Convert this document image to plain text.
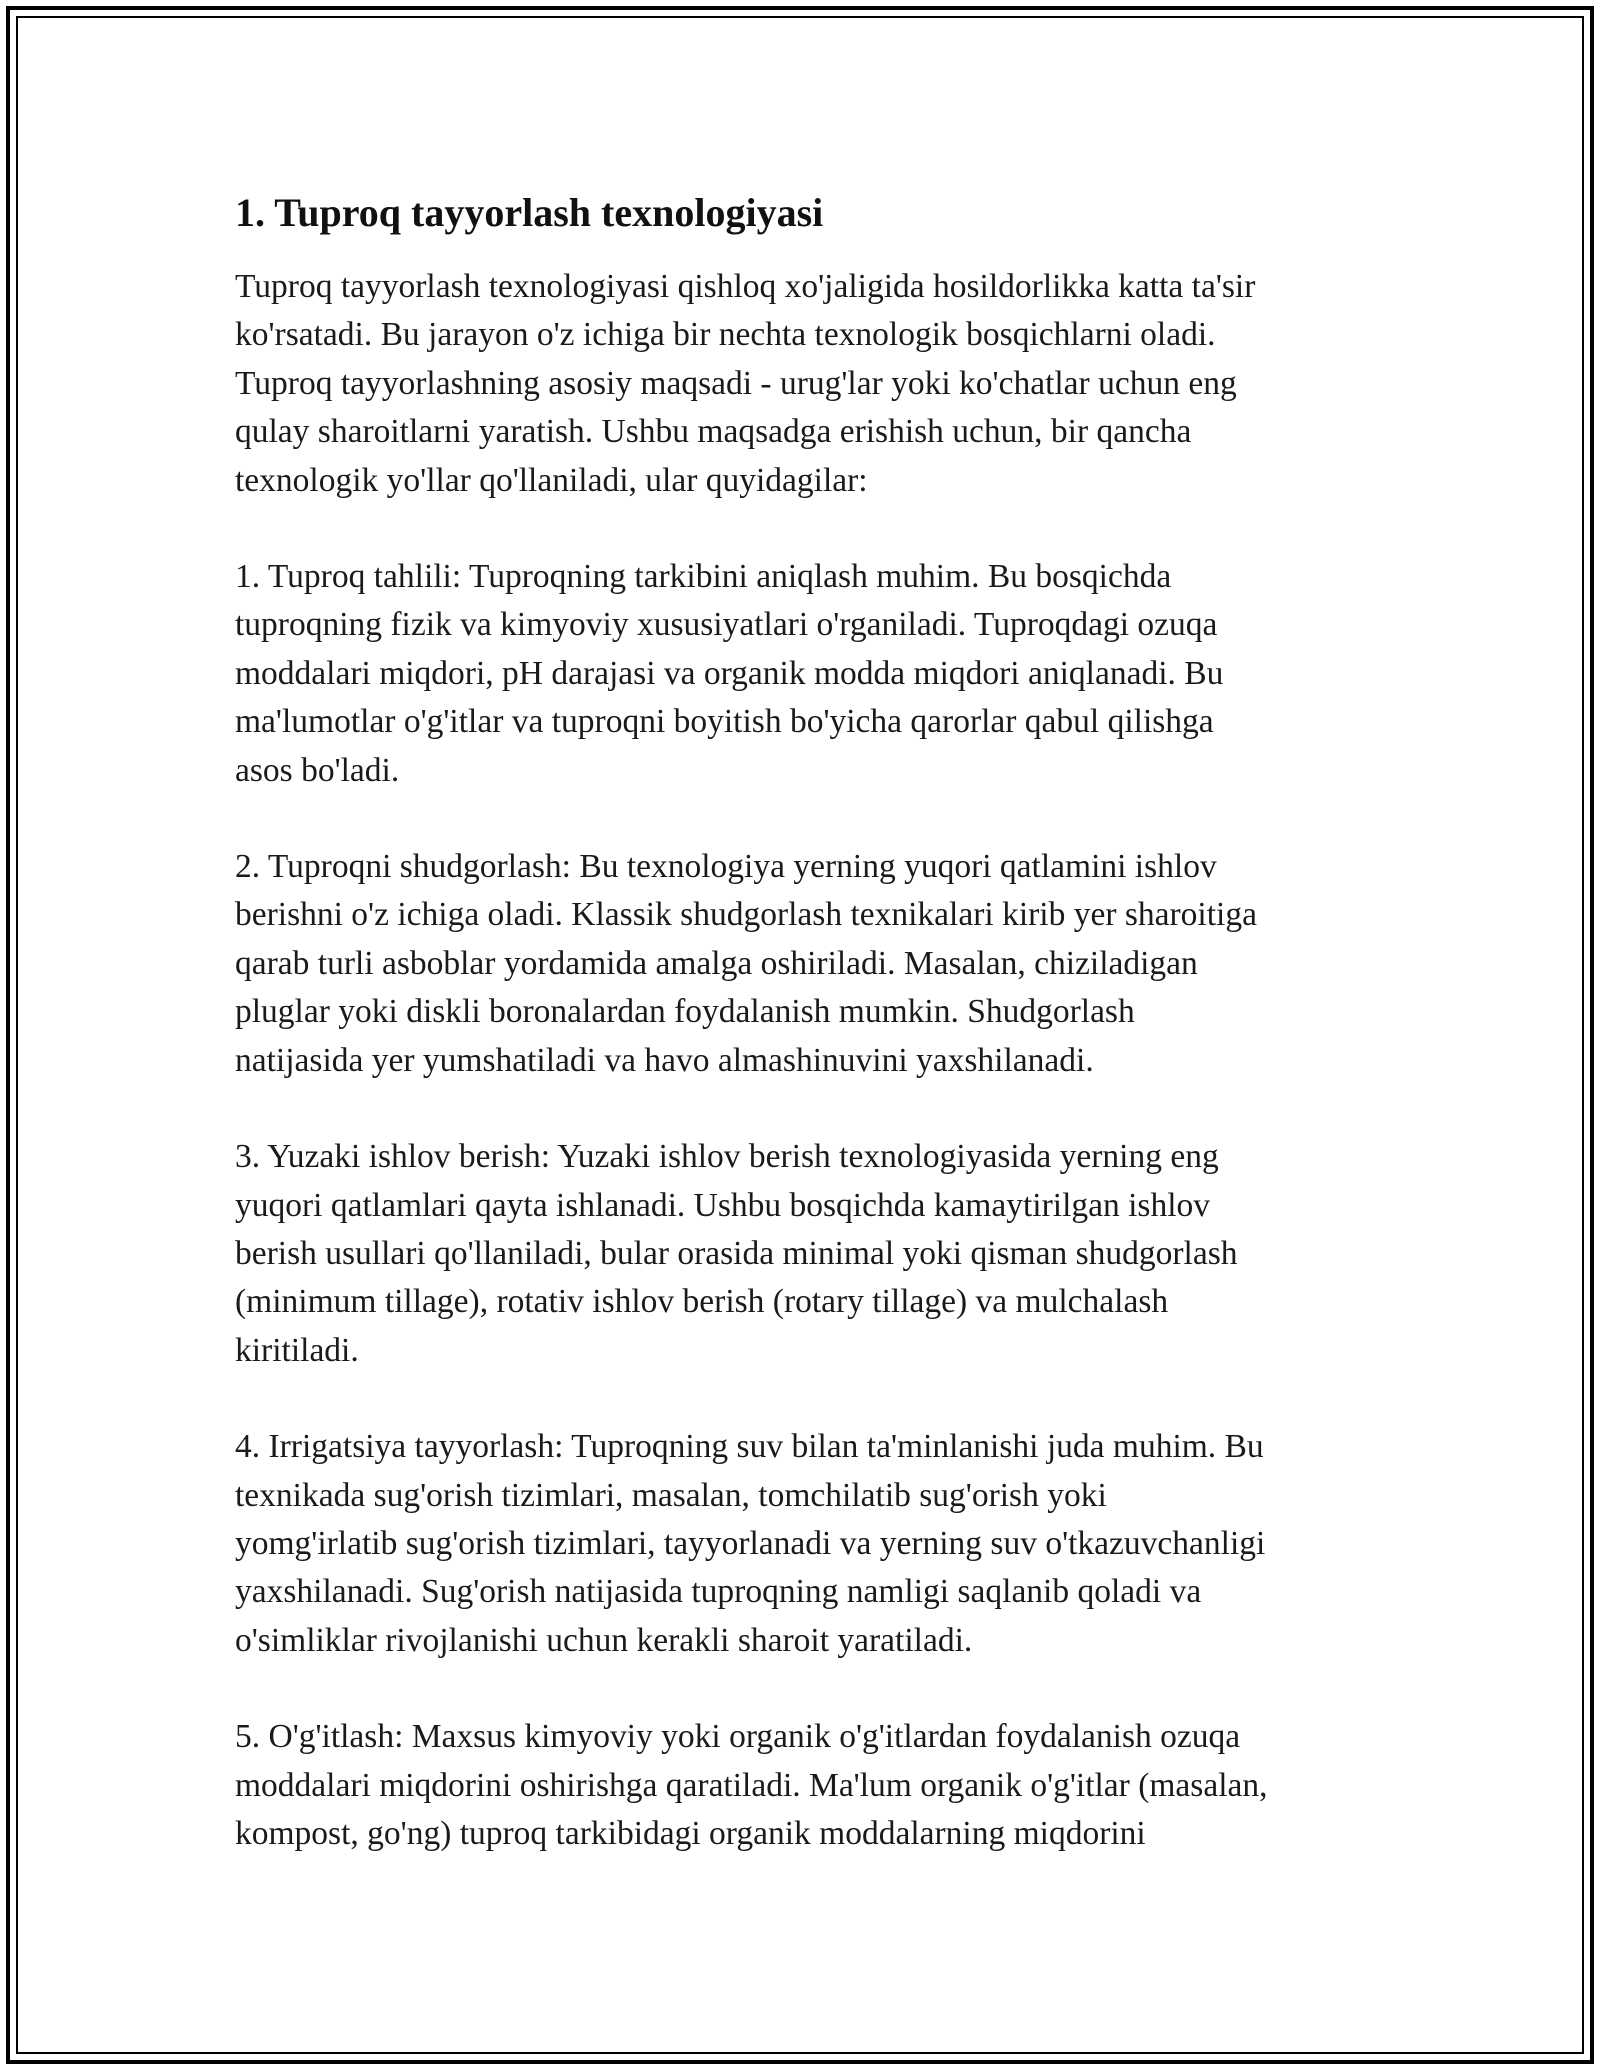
1. Tuproq tayyorlash texnologiyasi

Tuproq tayyorlash texnologiyasi qishloq xo'jaligida hosildorlikka katta ta'sir
ko'rsatadi. Bu jarayon o'z ichiga bir nechta texnologik bosqichlarni oladi.
Tuproq tayyorlashning asosiy maqsadi - urug'lar yoki ko'chatlar uchun eng
qulay sharoitlarni yaratish. Ushbu maqsadga erishish uchun, bir qancha
texnologik yo'llar qo'llaniladi, ular quyidagilar:

1. Tuproq tahlili: Tuproqning tarkibini aniqlash muhim. Bu bosqichda
tuproqning fizik va kimyoviy xususiyatlari o'rganiladi. Tuproqdagi ozuqa
moddalari miqdori, pH darajasi va organik modda miqdori aniqlanadi. Bu
ma'lumotlar o'g'itlar va tuproqni boyitish bo'yicha qarorlar qabul qilishga
asos bo'ladi.

2. Tuproqni shudgorlash: Bu texnologiya yerning yuqori qatlamini ishlov
berishni o'z ichiga oladi. Klassik shudgorlash texnikalari kirib yer sharoitiga
qarab turli asboblar yordamida amalga oshiriladi. Masalan, chiziladigan
pluglar yoki diskli boronalardan foydalanish mumkin. Shudgorlash
natijasida yer yumshatiladi va havo almashinuvini yaxshilanadi.

3. Yuzaki ishlov berish: Yuzaki ishlov berish texnologiyasida yerning eng
yuqori qatlamlari qayta ishlanadi. Ushbu bosqichda kamaytirilgan ishlov
berish usullari qo'llaniladi, bular orasida minimal yoki qisman shudgorlash
(minimum tillage), rotativ ishlov berish (rotary tillage) va mulchalash
kiritiladi.

4. Irrigatsiya tayyorlash: Tuproqning suv bilan ta'minlanishi juda muhim. Bu
texnikada sug'orish tizimlari, masalan, tomchilatib sug'orish yoki
yomg'irlatib sug'orish tizimlari, tayyorlanadi va yerning suv o'tkazuvchanligi
yaxshilanadi. Sug'orish natijasida tuproqning namligi saqlanib qoladi va
o'simliklar rivojlanishi uchun kerakli sharoit yaratiladi.

5. O'g'itlash: Maxsus kimyoviy yoki organik o'g'itlardan foydalanish ozuqa
moddalari miqdorini oshirishga qaratiladi. Ma'lum organik o'g'itlar (masalan,
kompost, go'ng) tuproq tarkibidagi organik moddalarning miqdorini
